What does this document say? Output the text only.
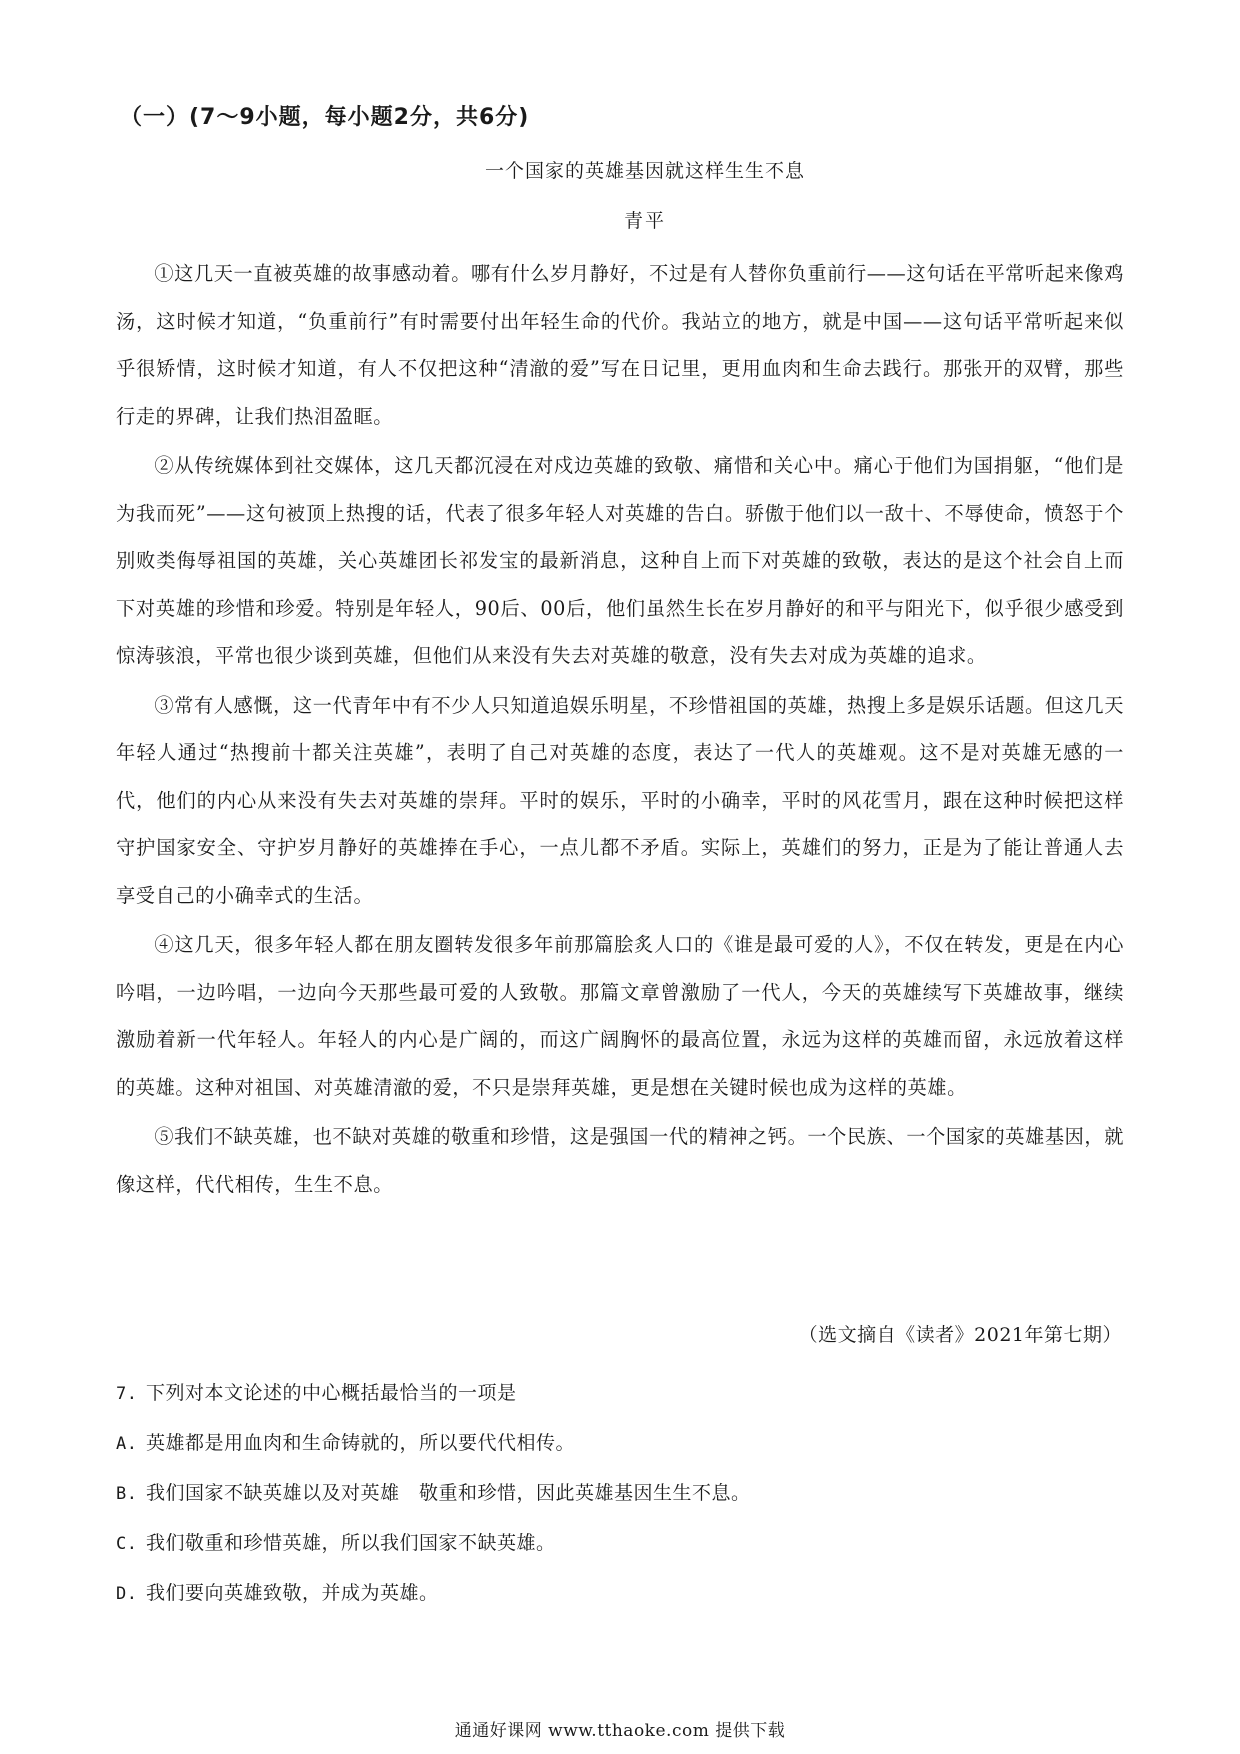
（一）(7～9小题，每小题2分，共6分)
一个国家的英雄基因就这样生生不息
青平

①这几天一直被英雄的故事感动着。哪有什么岁月静好，不过是有人替你负重前行——这句话在平常听起来像鸡汤，这时候才知道，“负重前行”有时需要付出年轻生命的代价。我站立的地方，就是中国——这句话平常听起来似乎很矫情，这时候才知道，有人不仅把这种“清澈的爱”写在日记里，更用血肉和生命去践行。那张开的双臂，那些行走的界碑，让我们热泪盈眶。

②从传统媒体到社交媒体，这几天都沉浸在对戍边英雄的致敬、痛惜和关心中。痛心于他们为国捐躯，“他们是为我而死”——这句被顶上热搜的话，代表了很多年轻人对英雄的告白。骄傲于他们以一敌十、不辱使命，愤怒于个别败类侮辱祖国的英雄，关心英雄团长祁发宝的最新消息，这种自上而下对英雄的致敬，表达的是这个社会自上而下对英雄的珍惜和珍爱。特别是年轻人，90后、00后，他们虽然生长在岁月静好的和平与阳光下，似乎很少感受到惊涛骇浪，平常也很少谈到英雄，但他们从来没有失去对英雄的敬意，没有失去对成为英雄的追求。

③常有人感慨，这一代青年中有不少人只知道追娱乐明星，不珍惜祖国的英雄，热搜上多是娱乐话题。但这几天年轻人通过“热搜前十都关注英雄”，表明了自己对英雄的态度，表达了一代人的英雄观。这不是对英雄无感的一代，他们的内心从来没有失去对英雄的崇拜。平时的娱乐，平时的小确幸，平时的风花雪月，跟在这种时候把这样守护国家安全、守护岁月静好的英雄捧在手心，一点儿都不矛盾。实际上，英雄们的努力，正是为了能让普通人去享受自己的小确幸式的生活。

④这几天，很多年轻人都在朋友圈转发很多年前那篇脍炙人口的《谁是最可爱的人》，不仅在转发，更是在内心吟唱，一边吟唱，一边向今天那些最可爱的人致敬。那篇文章曾激励了一代人，今天的英雄续写下英雄故事，继续激励着新一代年轻人。年轻人的内心是广阔的，而这广阔胸怀的最高位置，永远为这样的英雄而留，永远放着这样的英雄。这种对祖国、对英雄清澈的爱，不只是崇拜英雄，更是想在关键时候也成为这样的英雄。

⑤我们不缺英雄，也不缺对英雄的敬重和珍惜，这是强国一代的精神之钙。一个民族、一个国家的英雄基因，就像这样，代代相传，生生不息。

（选文摘自《读者》2021年第七期）
7. 下列对本文论述的中心概括最恰当的一项是
A. 英雄都是用血肉和生命铸就的，所以要代代相传。
B. 我们国家不缺英雄以及对英雄　敬重和珍惜，因此英雄基因生生不息。
C. 我们敬重和珍惜英雄，所以我们国家不缺英雄。
D. 我们要向英雄致敬，并成为英雄。
通通好课网 www.tthaoke.com 提供下载
